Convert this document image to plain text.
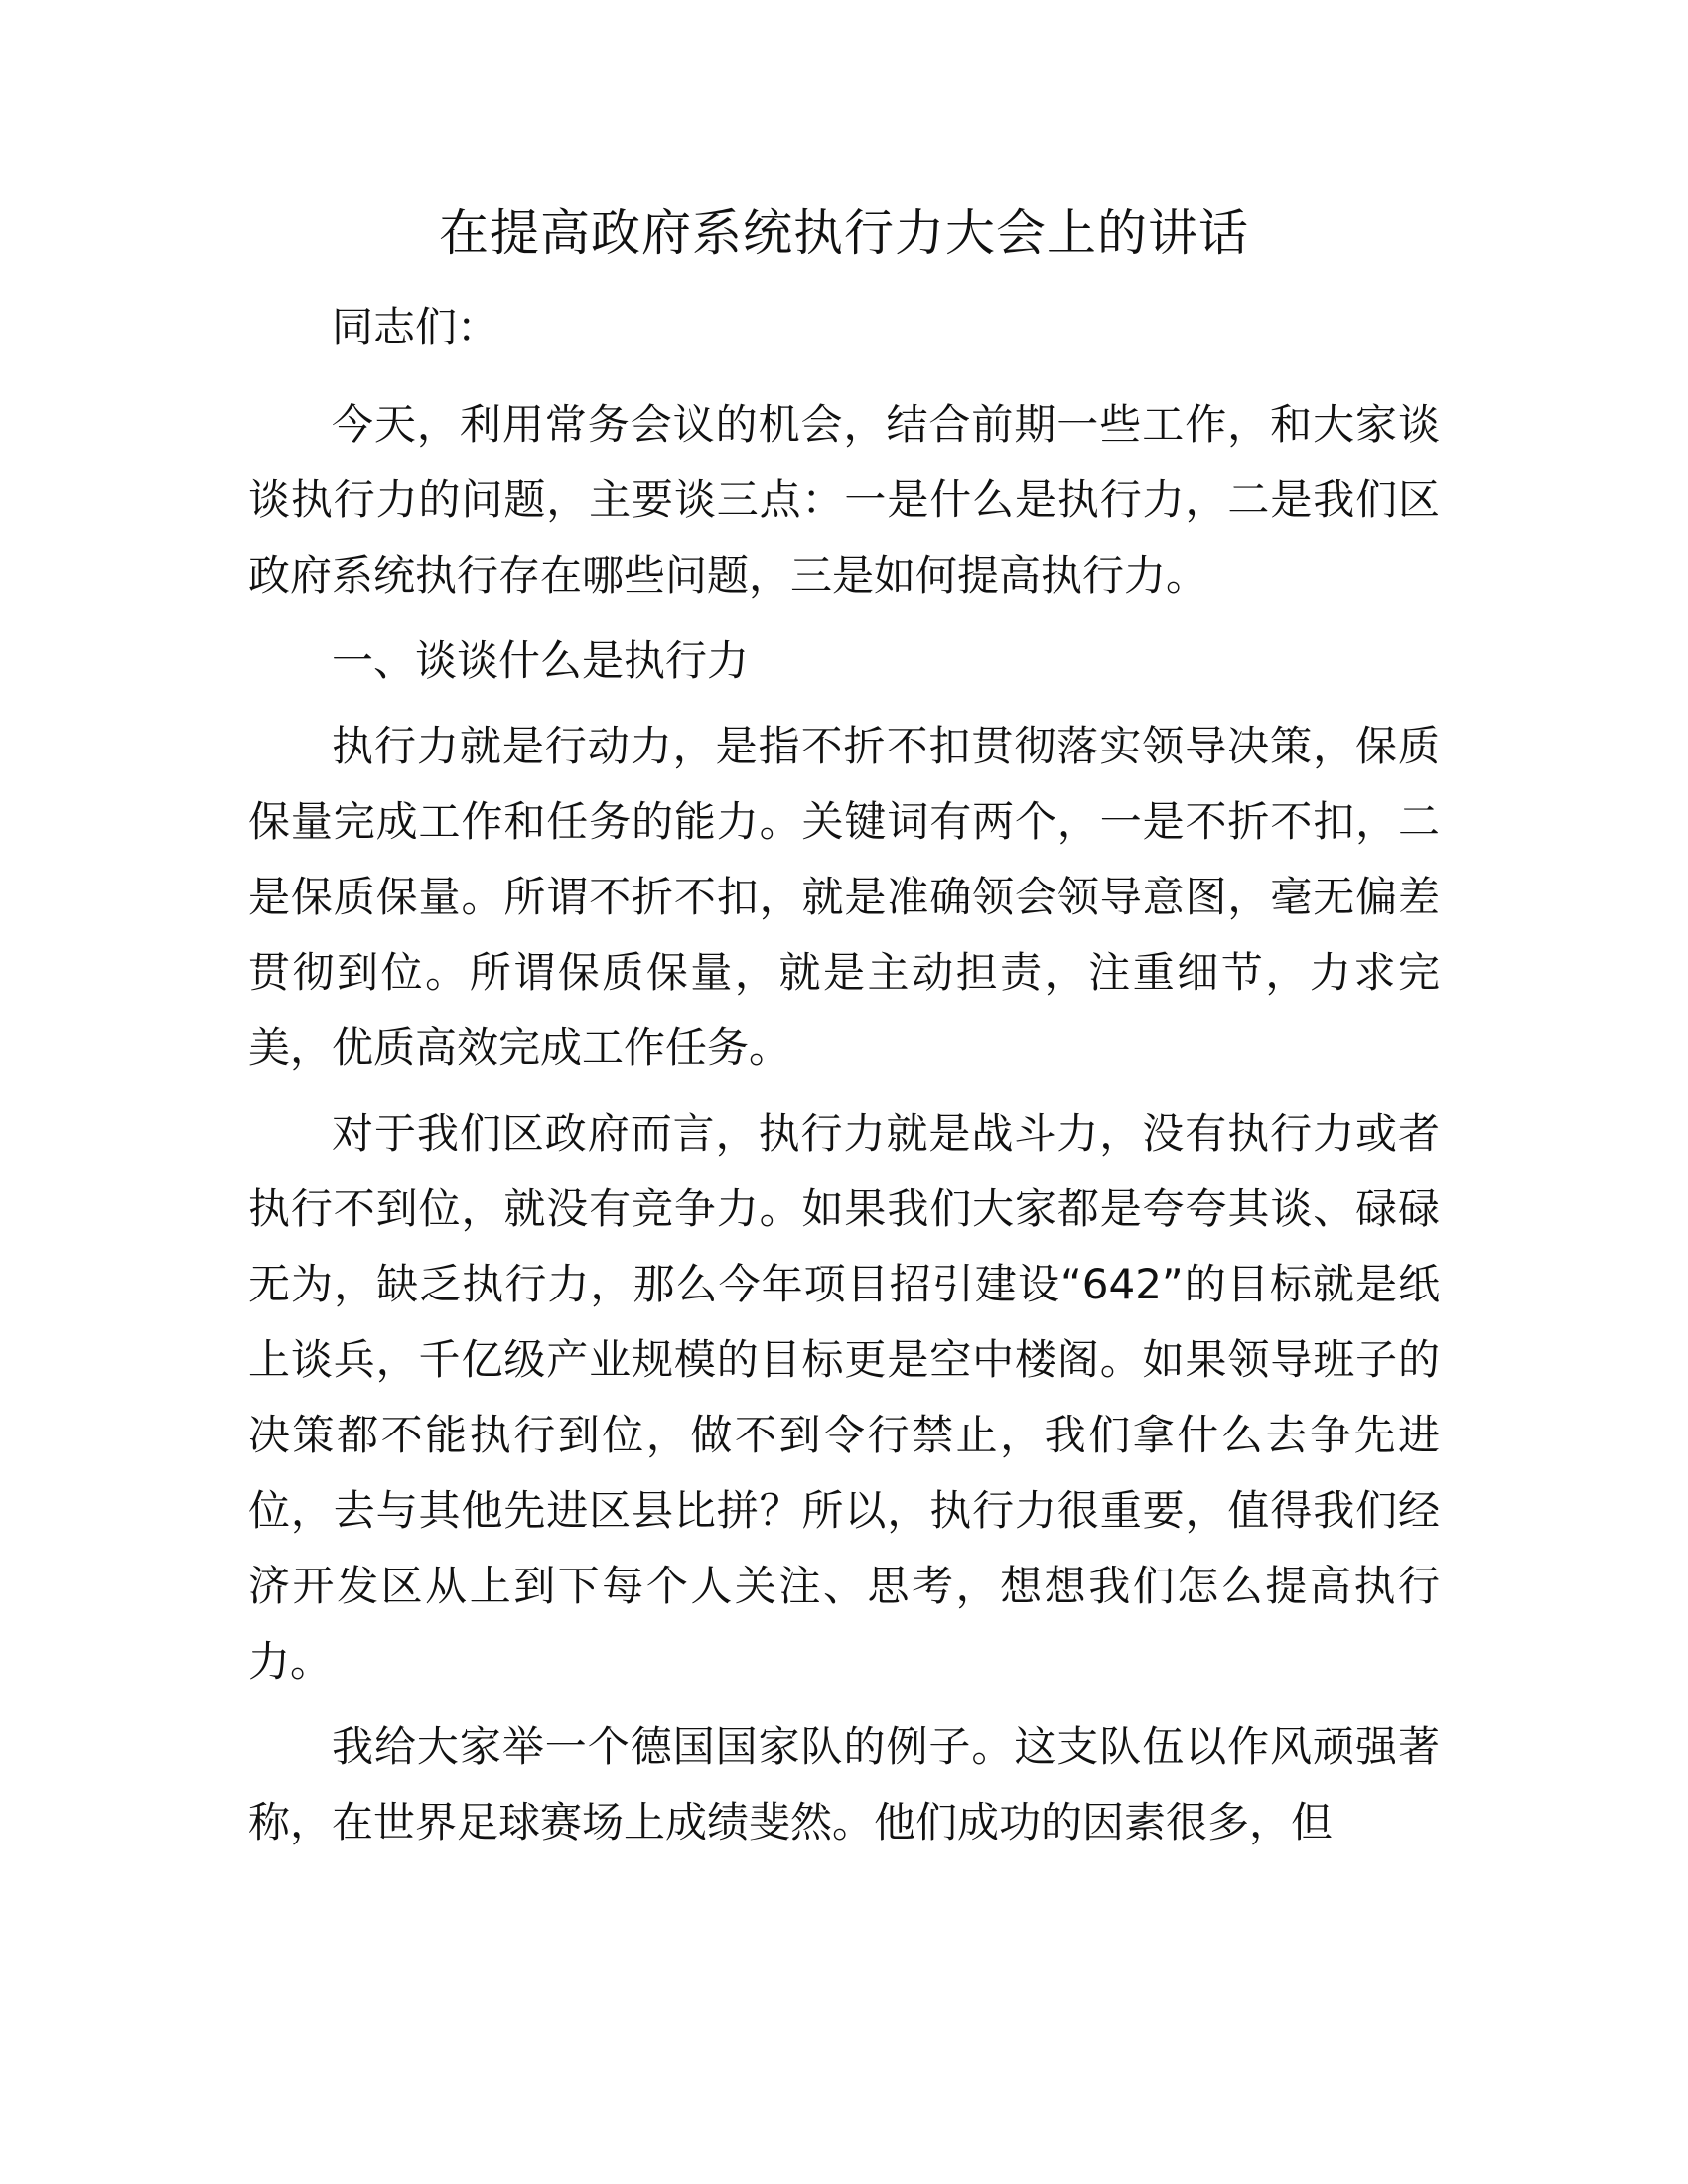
在提高政府系统执行力大会上的讲话

同志们：

今天，利用常务会议的机会，结合前期一些工作，和大家谈谈执行力的问题，主要谈三点：一是什么是执行力，二是我们区政府系统执行存在哪些问题，三是如何提高执行力。

一、谈谈什么是执行力

执行力就是行动力，是指不折不扣贯彻落实领导决策，保质保量完成工作和任务的能力。关键词有两个，一是不折不扣，二是保质保量。所谓不折不扣，就是准确领会领导意图，毫无偏差贯彻到位。所谓保质保量，就是主动担责，注重细节，力求完美，优质高效完成工作任务。

对于我们区政府而言，执行力就是战斗力，没有执行力或者执行不到位，就没有竞争力。如果我们大家都是夸夸其谈、碌碌无为，缺乏执行力，那么今年项目招引建设“642”的目标就是纸上谈兵，千亿级产业规模的目标更是空中楼阁。如果领导班子的决策都不能执行到位，做不到令行禁止，我们拿什么去争先进位，去与其他先进区县比拼？所以，执行力很重要，值得我们经济开发区从上到下每个人关注、思考，想想我们怎么提高执行力。

我给大家举一个德国国家队的例子。这支队伍以作风顽强著称，在世界足球赛场上成绩斐然。他们成功的因素很多，但
